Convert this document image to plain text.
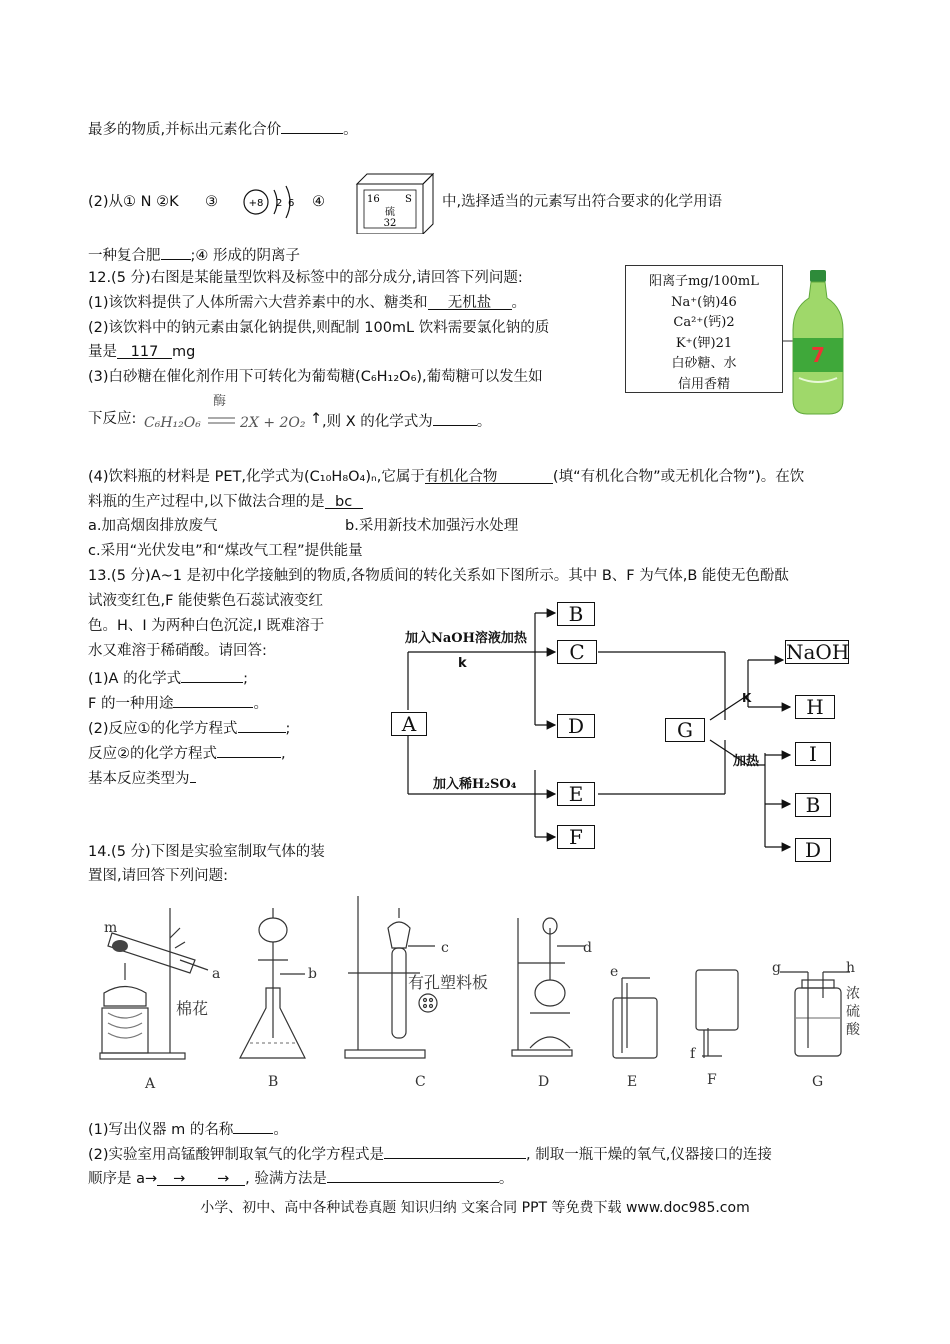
最多的物质,并标出元素化合价	。
(2)从① N ②K ③	+8 2 6 ④	16	S
硫
32
中,选择适当的元素写出符合要求的化学用语
一种复合肥 ;④ 形成的阴离子
12.(5 分)右图是某能量型饮料及标签中的部分成分,请回答下列问题:
(1)该饮料提供了人体所需六大营养素中的水、糖类和 无机盐 。
(2)该饮料中的钠元素由氯化钠提供,则配制 100mL 饮料需要氯化钠的质
量是 117 mg
(3)白砂糖在催化剂作用下可转化为葡萄糖(C₆H₁₂O₆),葡萄糖可以发生如
下反应: C₆H₁₂O₆
酶
2X + 2O₂ ↑ ,则 X 的化学式为	。
阳离子mg/100mL
Na⁺(钠)46
Ca²⁺(钙)2
K⁺(钾)21
白砂糖、水
信用香精
7
(4)饮料瓶的材料是 PET,化学式为(C₁₀H₈O₄)ₙ,它属于有机化合物	(填“有机化合物”或无机化合物”)。在饮
料瓶的生产过程中,以下做法合理的是 bc
a.加高烟囱排放废气	b.采用新技术加强污水处理
c.采用“光伏发电”和“煤改气工程”提供能量
13.(5 分)A~1 是初中化学接触到的物质,各物质间的转化关系如下图所示。其中 B、F 为气体,B 能使无色酚酞
试液变红色,F 能使紫色石蕊试液变红
色。H、I 为两种白色沉淀,I 既难溶于
水又难溶于稀硝酸。请回答:
(1)A 的化学式	;
F 的一种用途	。
(2)反应①的化学方程式	;
反应②的化学方程式	,
基本反应类型为
A
B
C
D
E
F
G
NaOH
H
I
B
D
加入NaOH溶液加热
k
加入稀H₂SO₄
K
加热
14.(5 分)下图是实验室制取气体的装
置图,请回答下列问题:
m
a
棉花
b
c
有孔塑料板
d
e
f
g	h
浓
硫
酸
A	B	C	D	E	F	G
(1)写出仪器 m 的名称	。
(2)实验室用高锰酸钾制取氧气的化学方程式是	, 制取一瓶干燥的氧气,仪器接口的连接
顺序是 a→ → → , 验满方法是	。
小学、初中、高中各种试卷真题 知识归纳 文案合同 PPT 等免费下载 www.doc985.com
